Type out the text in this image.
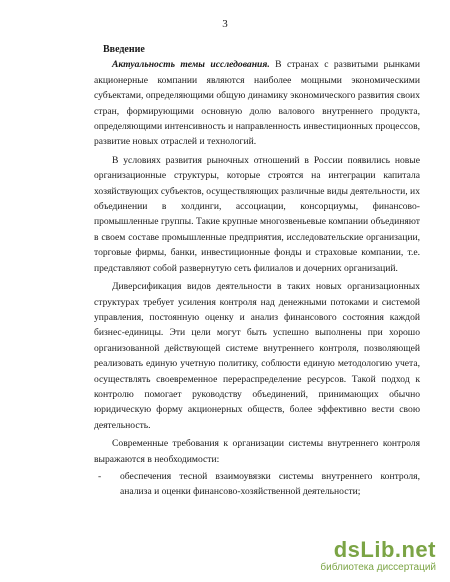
3
Введение

Актуальность темы исследования. В странах с развитыми рынками акционерные компании являются наиболее мощными экономическими субъектами, определяющими общую динамику экономического развития своих стран, формирующими основную долю валового внутреннего продукта, определяющими интенсивность и направленность инвестиционных процессов, развитие новых отраслей и технологий.

В условиях развития рыночных отношений в России появились новые организационные структуры, которые строятся на интеграции капитала хозяйствующих субъектов, осуществляющих различные виды деятельности, их объединении в холдинги, ассоциации, консорциумы, финансово-промышленные группы. Такие крупные многозвеньевые компании объединяют в своем составе промышленные предприятия, исследовательские организации, торговые фирмы, банки, инвестиционные фонды и страховые компании, т.е. представляют собой развернутую сеть филиалов и дочерних организаций.

Диверсификация видов деятельности в таких новых организационных структурах требует усиления контроля над денежными потоками и системой управления, постоянную оценку и анализ финансового состояния каждой бизнес-единицы. Эти цели могут быть успешно выполнены при хорошо организованной действующей системе внутреннего контроля, позволяющей реализовать единую учетную политику, соблюсти единую методологию учета, осуществлять своевременное перераспределение ресурсов. Такой подход к контролю помогает руководству объединений, принимающих обычно юридическую форму акционерных обществ, более эффективно вести свою деятельность.

Современные требования к организации системы внутреннего контроля выражаются в необходимости:

-	обеспечения тесной взаимоувязки системы внутреннего контроля, анализа и оценки финансово-хозяйственной деятельности;
dsLib.net
библиотека диссертаций
